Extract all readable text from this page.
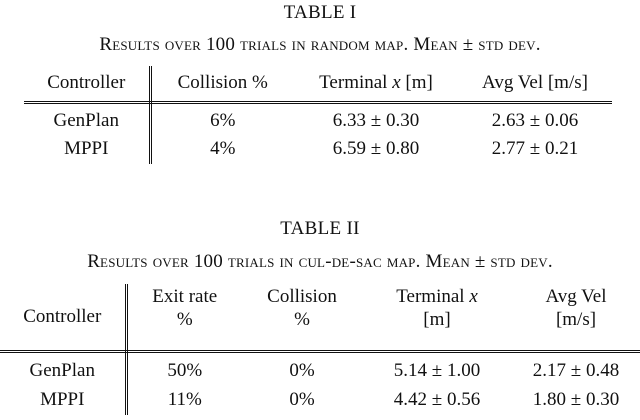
TABLE I
Results over 100 trials in random map. Mean ± std dev.
Controller	Collision %	Terminal x [m]	Avg Vel [m/s]
GenPlan	6%	6.33 ± 0.30	2.63 ± 0.06
MPPI	4%	6.59 ± 0.80	2.77 ± 0.21
TABLE II
Results over 100 trials in cul-de-sac map. Mean ± std dev.
Controller	Exit rate	Collision	Terminal x	Avg Vel
	%	%	[m]	[m/s]
GenPlan	50%	0%	5.14 ± 1.00	2.17 ± 0.48
MPPI	11%	0%	4.42 ± 0.56	1.80 ± 0.30
